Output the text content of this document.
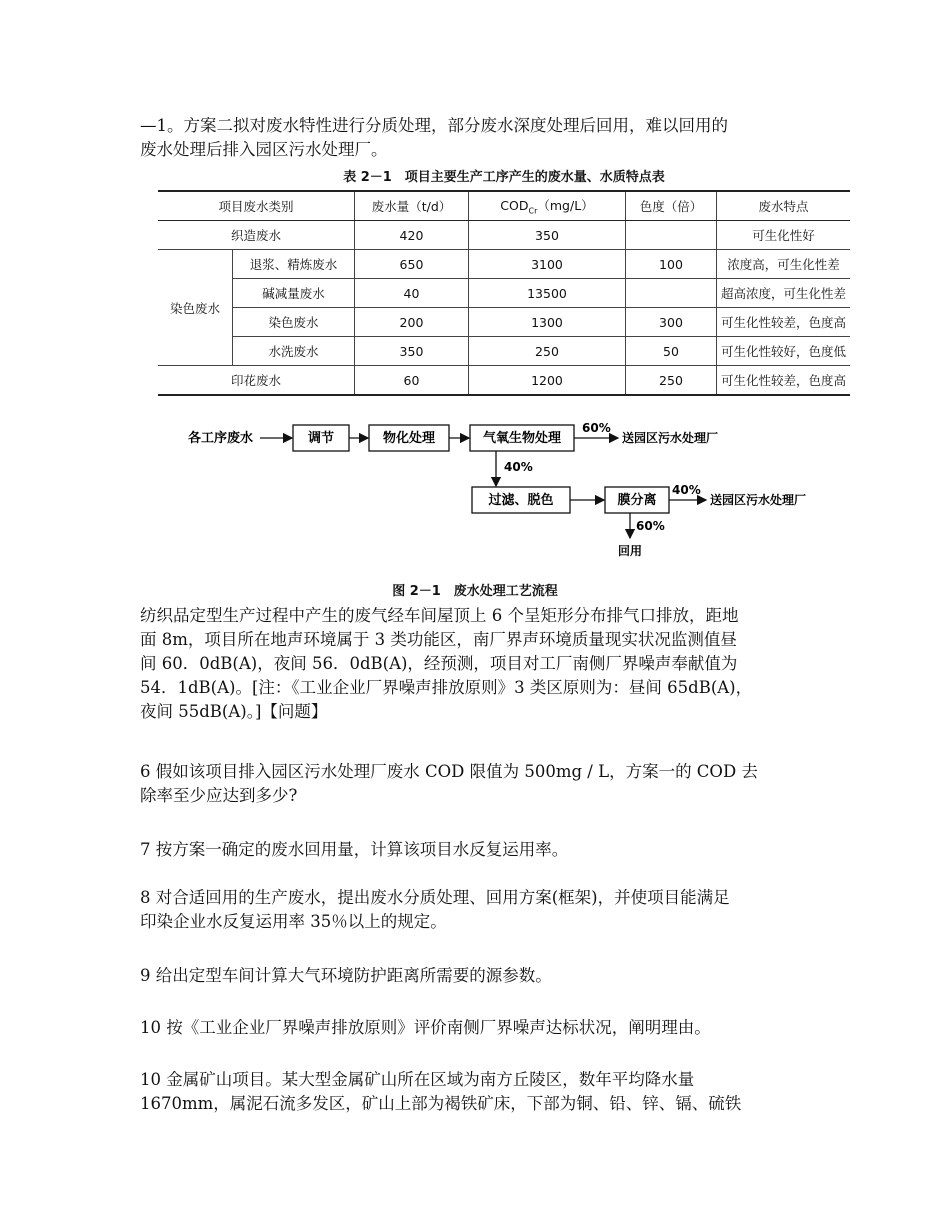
—1。方案二拟对废水特性进行分质处理，部分废水深度处理后回用，难以回用的
废水处理后排入园区污水处理厂。
表 2－1　项目主要生产工序产生的废水量、水质特点表
项目废水类别		废水量（t/d）	$COD_{Cr}(mg/L)$	色度（倍）	废水特点
织造废水		420	350		可生化性好
染色废水	退浆、精炼废水	650	3100	100	浓度高，可生化性差
	碱减量废水	40	13500		超高浓度，可生化性差
	染色废水	200	1300	300	可生化性较差，色度高
	水洗废水	350	250	50	可生化性较好，色度低
印花废水		60	1200	250	可生化性较差，色度高
各工序废水	调节	物化处理	气氧生物处理
60%
送园区污水处理厂
40%
过滤、脱色	膜分离
40%
送园区污水处理厂
60%
回用
图 2－1　废水处理工艺流程
纺织品定型生产过程中产生的废气经车间屋顶上 6 个呈矩形分布排气口排放，距地
面 8m，项目所在地声环境属于 3 类功能区，南厂界声环境质量现实状况监测值昼
间 60．0dB(A)，夜间 56．0dB(A)，经预测，项目对工厂南侧厂界噪声奉献值为
54．1dB(A)。[注：《工业企业厂界噪声排放原则》3 类区原则为：昼间 65dB(A)，
夜间 55dB(A)。]【问题】
6 假如该项目排入园区污水处理厂废水 COD 限值为 500mg / L，方案一的 COD 去
除率至少应达到多少?
7 按方案一确定的废水回用量，计算该项目水反复运用率。
8 对合适回用的生产废水，提出废水分质处理、回用方案(框架)，并使项目能满足
印染企业水反复运用率 35％以上的规定。
9 给出定型车间计算大气环境防护距离所需要的源参数。
10 按《工业企业厂界噪声排放原则》评价南侧厂界噪声达标状况，阐明理由。
10 金属矿山项目。某大型金属矿山所在区域为南方丘陵区，数年平均降水量
1670mm，属泥石流多发区，矿山上部为褐铁矿床，下部为铜、铅、锌、镉、硫铁
